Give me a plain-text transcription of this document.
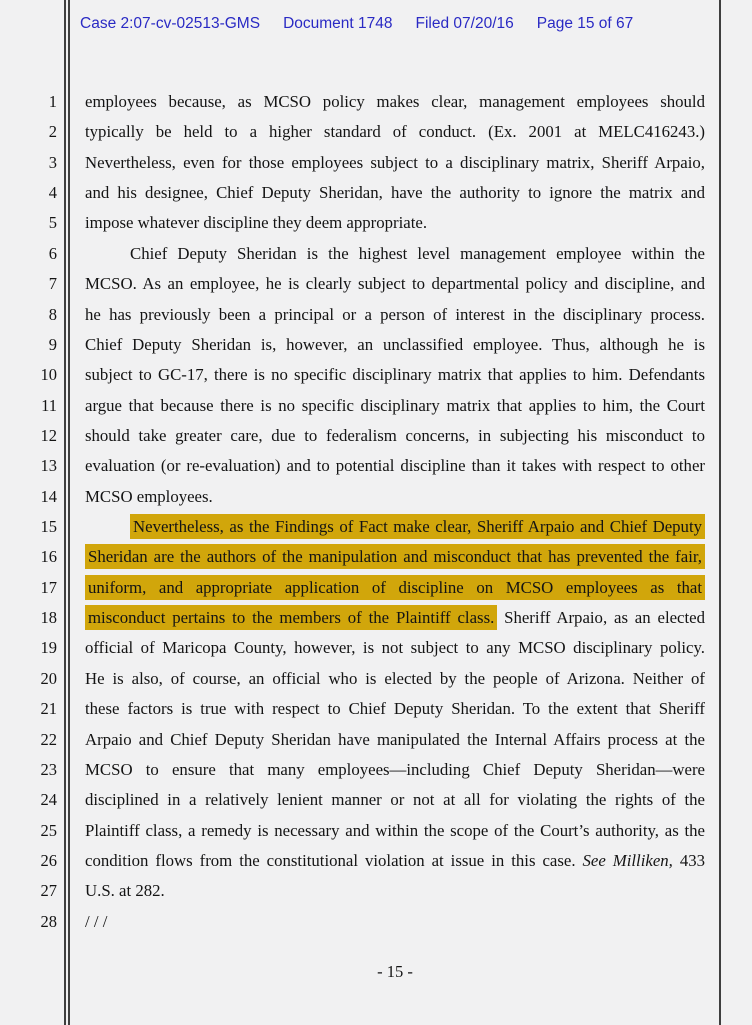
Case 2:07-cv-02513-GMS Document 1748 Filed 07/20/16 Page 15 of 67
1 employees because, as MCSO policy makes clear, management employees should
2 typically be held to a higher standard of conduct. (Ex. 2001 at MELC416243.)
3 Nevertheless, even for those employees subject to a disciplinary matrix, Sheriff Arpaio,
4 and his designee, Chief Deputy Sheridan, have the authority to ignore the matrix and
5 impose whatever discipline they deem appropriate.
6	Chief Deputy Sheridan is the highest level management employee within the
7 MCSO. As an employee, he is clearly subject to departmental policy and discipline, and
8 he has previously been a principal or a person of interest in the disciplinary process.
9 Chief Deputy Sheridan is, however, an unclassified employee. Thus, although he is
10 subject to GC-17, there is no specific disciplinary matrix that applies to him. Defendants
11 argue that because there is no specific disciplinary matrix that applies to him, the Court
12 should take greater care, due to federalism concerns, in subjecting his misconduct to
13 evaluation (or re-evaluation) and to potential discipline than it takes with respect to other
14 MCSO employees.
15	Nevertheless, as the Findings of Fact make clear, Sheriff Arpaio and Chief Deputy
16 Sheridan are the authors of the manipulation and misconduct that has prevented the fair,
17 uniform, and appropriate application of discipline on MCSO employees as that
18 misconduct pertains to the members of the Plaintiff class. Sheriff Arpaio, as an elected
19 official of Maricopa County, however, is not subject to any MCSO disciplinary policy.
20 He is also, of course, an official who is elected by the people of Arizona. Neither of
21 these factors is true with respect to Chief Deputy Sheridan. To the extent that Sheriff
22 Arpaio and Chief Deputy Sheridan have manipulated the Internal Affairs process at the
23 MCSO to ensure that many employees—including Chief Deputy Sheridan—were
24 disciplined in a relatively lenient manner or not at all for violating the rights of the
25 Plaintiff class, a remedy is necessary and within the scope of the Court’s authority, as the
26 condition flows from the constitutional violation at issue in this case. See Milliken, 433
27 U.S. at 282.
28 / / /
- 15 -
